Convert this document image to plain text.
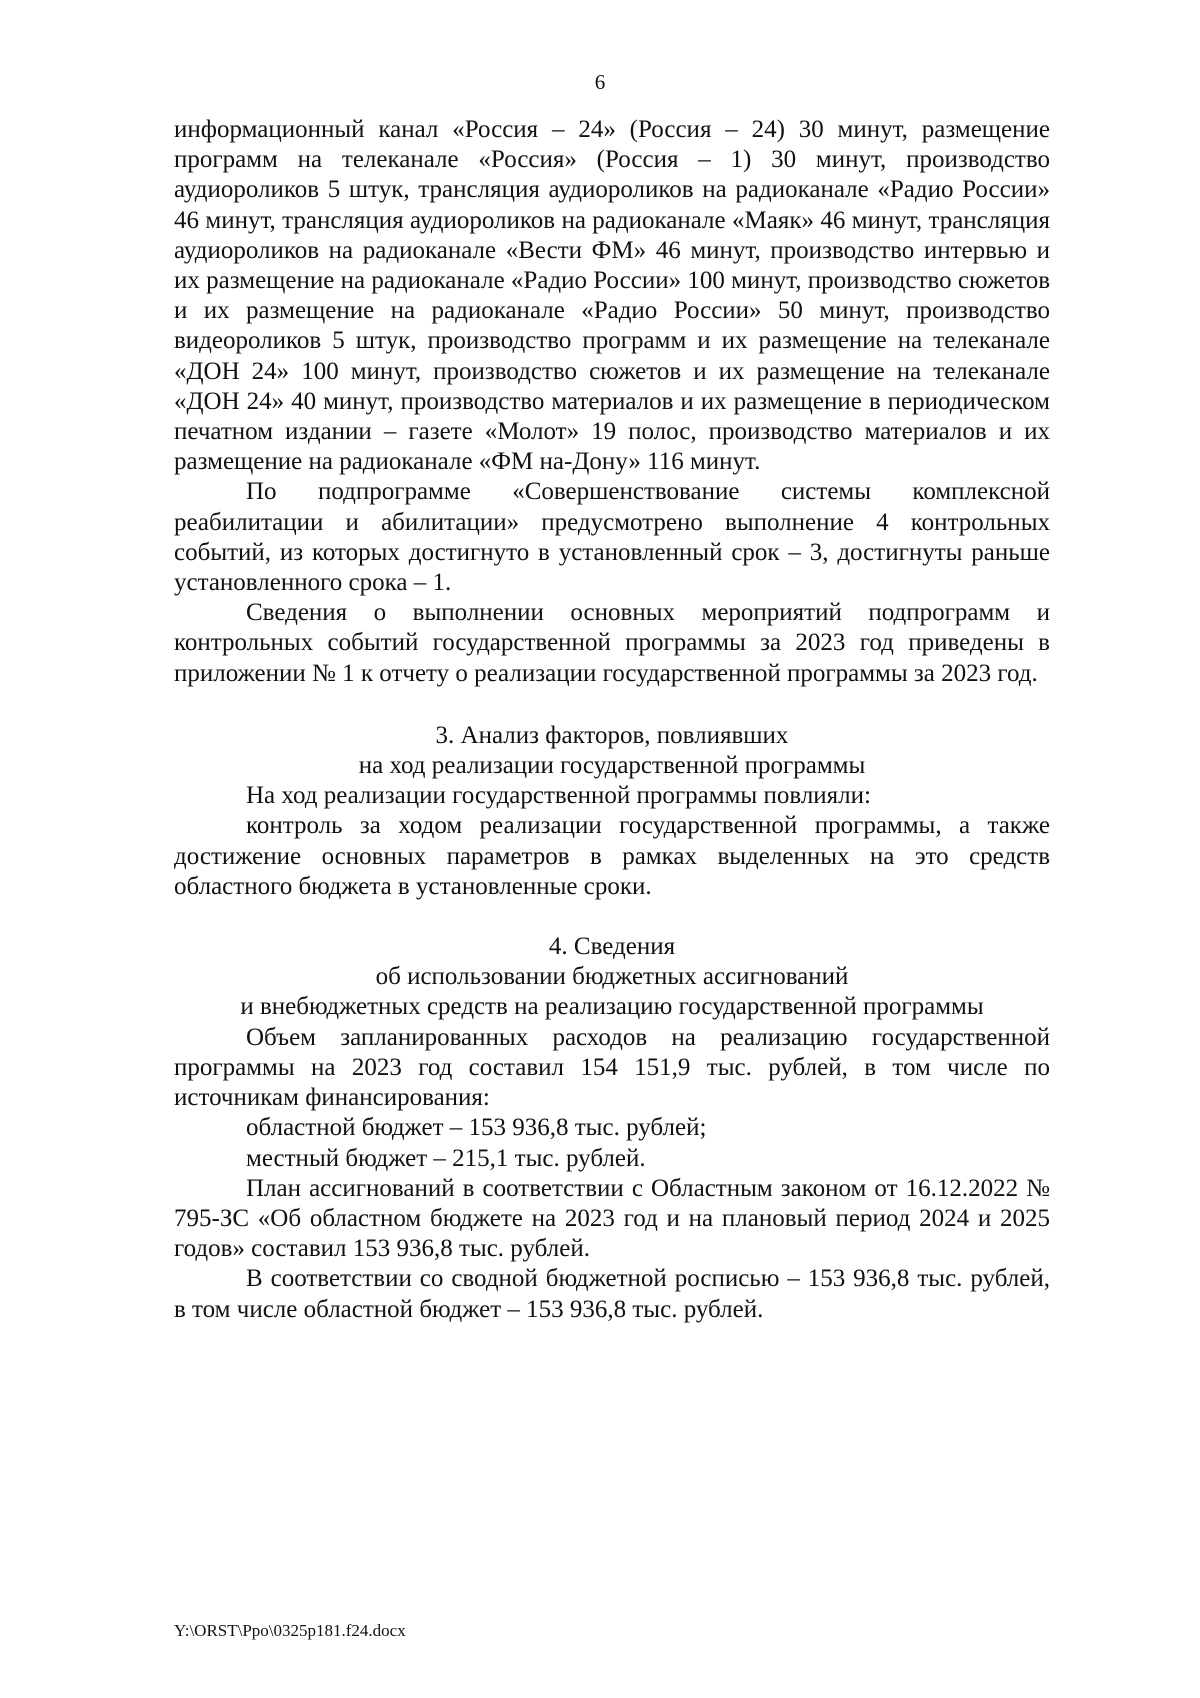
6

информационный канал «Россия – 24» (Россия – 24) 30 минут, размещение программ на телеканале «Россия» (Россия – 1) 30 минут, производство аудиороликов 5 штук, трансляция аудиороликов на радиоканале «Радио России» 46 минут, трансляция аудиороликов на радиоканале «Маяк» 46 минут, трансляция аудиороликов на радиоканале «Вести ФМ» 46 минут, производство интервью и их размещение на радиоканале «Радио России» 100 минут, производство сюжетов и их размещение на радиоканале «Радио России» 50 минут, производство видеороликов 5 штук, производство программ и их размещение на телеканале «ДОН 24» 100 минут, производство сюжетов и их размещение на телеканале «ДОН 24» 40 минут, производство материалов и их размещение в периодическом печатном издании – газете «Молот» 19 полос, производство материалов и их размещение на радиоканале «ФМ на-Дону» 116 минут.

По подпрограмме «Совершенствование системы комплексной реабилитации и абилитации» предусмотрено выполнение 4 контрольных событий, из которых достигнуто в установленный срок – 3, достигнуты раньше установленного срока – 1.

Сведения о выполнении основных мероприятий подпрограмм и контрольных событий государственной программы за 2023 год приведены в приложении № 1 к отчету о реализации государственной программы за 2023 год.

3. Анализ факторов, повлиявших
на ход реализации государственной программы

На ход реализации государственной программы повлияли:

контроль за ходом реализации государственной программы, а также достижение основных параметров в рамках выделенных на это средств областного бюджета в установленные сроки.

4. Сведения
об использовании бюджетных ассигнований
и внебюджетных средств на реализацию государственной программы

Объем запланированных расходов на реализацию государственной программы на 2023 год составил 154 151,9 тыс. рублей, в том числе по источникам финансирования:

областной бюджет – 153 936,8 тыс. рублей;

местный бюджет – 215,1 тыс. рублей.

План ассигнований в соответствии с Областным законом от 16.12.2022 № 795-ЗС «Об областном бюджете на 2023 год и на плановый период 2024 и 2025 годов» составил 153 936,8 тыс. рублей.

В соответствии со сводной бюджетной росписью – 153 936,8 тыс. рублей, в том числе областной бюджет – 153 936,8 тыс. рублей.

Y:\ORST\Ppo\0325p181.f24.docx
